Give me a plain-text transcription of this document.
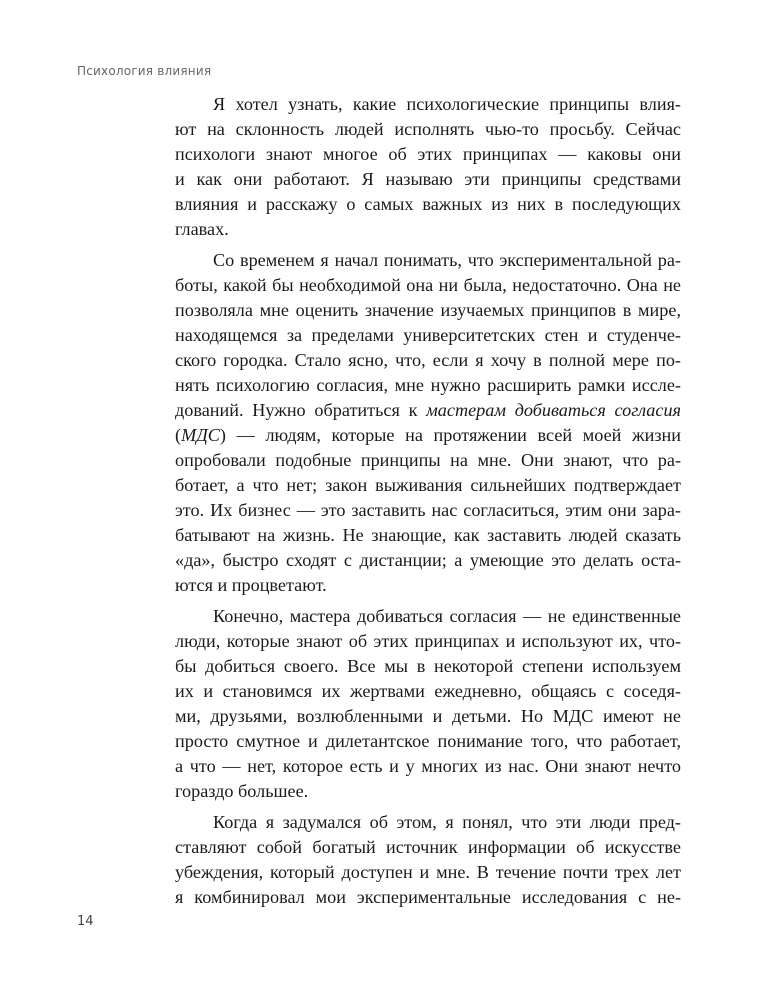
Психология влияния
Я хотел узнать, какие психологические принципы влия-
ют на склонность людей исполнять чью-то просьбу. Сейчас
психологи знают многое об этих принципах — каковы они
и как они работают. Я называю эти принципы средствами
влияния и расскажу о самых важных из них в последующих
главах.
Со временем я начал понимать, что экспериментальной ра-
боты, какой бы необходимой она ни была, недостаточно. Она не
позволяла мне оценить значение изучаемых принципов в мире,
находящемся за пределами университетских стен и студенче-
ского городка. Стало ясно, что, если я хочу в полной мере по-
нять психологию согласия, мне нужно расширить рамки иссле-
дований. Нужно обратиться к мастерам добиваться согласия
(МДС) — людям, которые на протяжении всей моей жизни
опробовали подобные принципы на мне. Они знают, что ра-
ботает, а что нет; закон выживания сильнейших подтверждает
это. Их бизнес — это заставить нас согласиться, этим они зара-
батывают на жизнь. Не знающие, как заставить людей сказать
«да», быстро сходят с дистанции; а умеющие это делать оста-
ются и процветают.
Конечно, мастера добиваться согласия — не единственные
люди, которые знают об этих принципах и используют их, что-
бы добиться своего. Все мы в некоторой степени используем
их и становимся их жертвами ежедневно, общаясь с соседя-
ми, друзьями, возлюбленными и детьми. Но МДС имеют не
просто смутное и дилетантское понимание того, что работает,
а что — нет, которое есть и у многих из нас. Они знают нечто
гораздо большее.
Когда я задумался об этом, я понял, что эти люди пред-
ставляют собой богатый источник информации об искусстве
убеждения, который доступен и мне. В течение почти трех лет
я комбинировал мои экспериментальные исследования с не-
14
